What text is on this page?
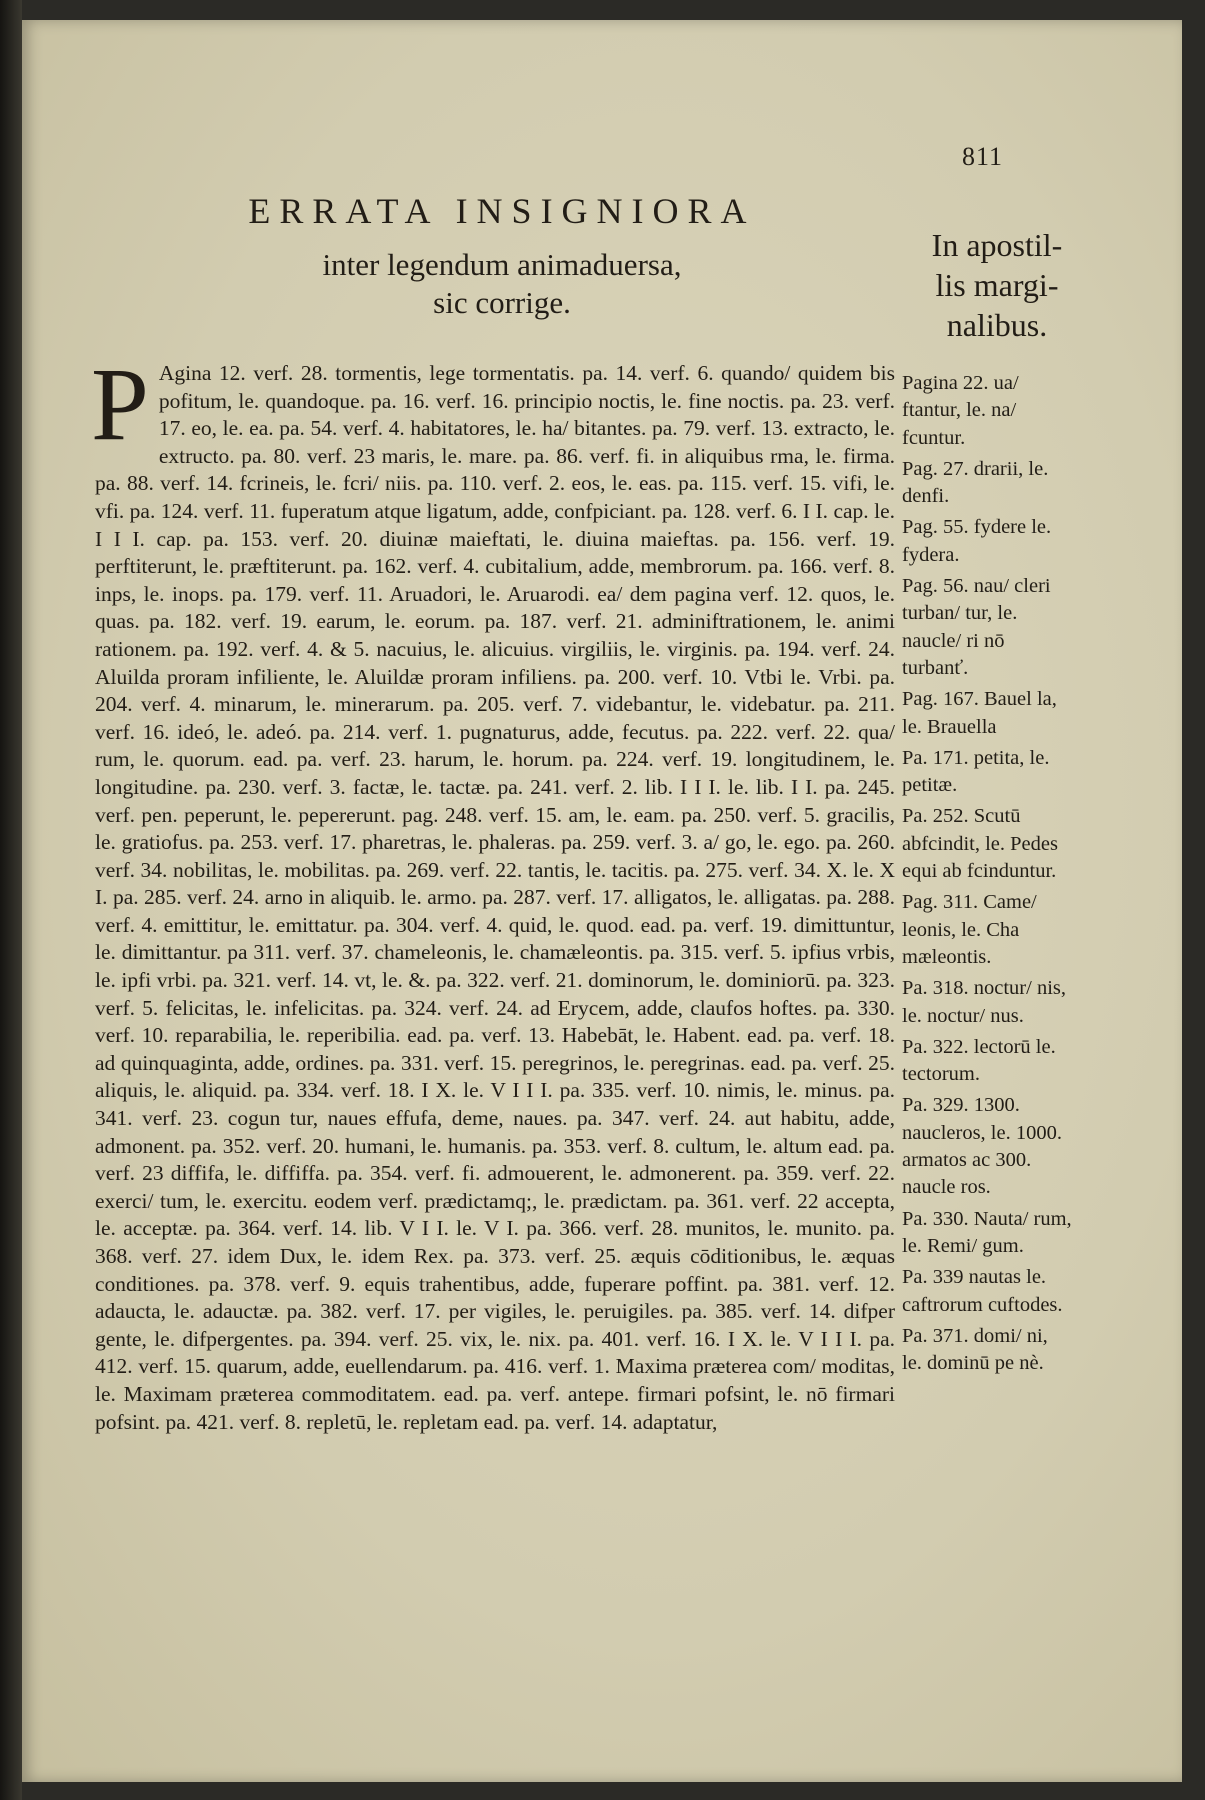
811
ERRATA INSIGNIORA
inter legendum animaduersa,
sic corrige.
In apostil-
lis margi-
nalibus.
P Agina 12. verf. 28. tormentis, lege tormentatis. pa. 14. verf. 6. quando/ quidem bis pofitum, le. quandoque. pa. 16. verf. 16. principio noctis, le. fine noctis. pa. 23. verf. 17. eo, le. ea. pa. 54. verf. 4. habitatores, le. ha/ bitantes. pa. 79. verf. 13. extracto, le. extructo. pa. 80. verf. 23 maris, le. mare. pa. 86. verf. fi. in aliquibus rma, le. firma. pa. 88. verf. 14. fcrineis, le. fcri/ niis. pa. 110. verf. 2. eos, le. eas. pa. 115. verf. 15. vifi, le. vfi. pa. 124. verf. 11. fuperatum atque ligatum, adde, confpiciant. pa. 128. verf. 6. I I. cap. le. I I I. cap. pa. 153. verf. 20. diuinæ maieftati, le. diuina maieftas. pa. 156. verf. 19. perftiterunt, le. præftiterunt. pa. 162. verf. 4. cubitalium, adde, membrorum. pa. 166. verf. 8. inps, le. inops. pa. 179. verf. 11. Aruadori, le. Aruarodi. ea/ dem pagina verf. 12. quos, le. quas. pa. 182. verf. 19. earum, le. eorum. pa. 187. verf. 21. adminiftrationem, le. animi rationem. pa. 192. verf. 4. & 5. nacuius, le. alicuius. virgiliis, le. virginis. pa. 194. verf. 24. Aluilda proram infiliente, le. Aluildæ proram infiliens. pa. 200. verf. 10. Vtbi le. Vrbi. pa. 204. verf. 4. minarum, le. minerarum. pa. 205. verf. 7. videbantur, le. videbatur. pa. 211. verf. 16. ideó, le. adeó. pa. 214. verf. 1. pugnaturus, adde, fecutus. pa. 222. verf. 22. qua/ rum, le. quorum. ead. pa. verf. 23. harum, le. horum. pa. 224. verf. 19. longitudinem, le. longitudine. pa. 230. verf. 3. factæ, le. tactæ. pa. 241. verf. 2. lib. I I I. le. lib. I I. pa. 245. verf. pen. peperunt, le. pepererunt. pag. 248. verf. 15. am, le. eam. pa. 250. verf. 5. gracilis, le. gratiofus. pa. 253. verf. 17. pharetras, le. phaleras. pa. 259. verf. 3. a/ go, le. ego. pa. 260. verf. 34. nobilitas, le. mobilitas. pa. 269. verf. 22. tantis, le. tacitis. pa. 275. verf. 34. X. le. X I. pa. 285. verf. 24. arno in aliquib. le. armo. pa. 287. verf. 17. alligatos, le. alligatas. pa. 288. verf. 4. emittitur, le. emittatur. pa. 304. verf. 4. quid, le. quod. ead. pa. verf. 19. dimittuntur, le. dimittantur. pa 311. verf. 37. chameleonis, le. chamæleontis. pa. 315. verf. 5. ipfius vrbis, le. ipfi vrbi. pa. 321. verf. 14. vt, le. &. pa. 322. verf. 21. dominorum, le. dominiorū. pa. 323. verf. 5. felicitas, le. infelicitas. pa. 324. verf. 24. ad Erycem, adde, claufos hoftes. pa. 330. verf. 10. reparabilia, le. reperibilia. ead. pa. verf. 13. Habebāt, le. Habent. ead. pa. verf. 18. ad quinquaginta, adde, ordines. pa. 331. verf. 15. peregrinos, le. peregrinas. ead. pa. verf. 25. aliquis, le. aliquid. pa. 334. verf. 18. I X. le. V I I I. pa. 335. verf. 10. nimis, le. minus. pa. 341. verf. 23. cogun tur, naues effufa, deme, naues. pa. 347. verf. 24. aut habitu, adde, admonent. pa. 352. verf. 20. humani, le. humanis. pa. 353. verf. 8. cultum, le. altum ead. pa. verf. 23 diffifa, le. diffiffa. pa. 354. verf. fi. admouerent, le. admonerent. pa. 359. verf. 22. exerci/ tum, le. exercitu. eodem verf. prædictamq;, le. prædictam. pa. 361. verf. 22 accepta, le. acceptæ. pa. 364. verf. 14. lib. V I I. le. V I. pa. 366. verf. 28. munitos, le. munito. pa. 368. verf. 27. idem Dux, le. idem Rex. pa. 373. verf. 25. æquis cōditionibus, le. æquas conditiones. pa. 378. verf. 9. equis trahentibus, adde, fuperare poffint. pa. 381. verf. 12. adaucta, le. adauctæ. pa. 382. verf. 17. per vigiles, le. peruigiles. pa. 385. verf. 14. difper gente, le. difpergentes. pa. 394. verf. 25. vix, le. nix. pa. 401. verf. 16. I X. le. V I I I. pa. 412. verf. 15. quarum, adde, euellendarum. pa. 416. verf. 1. Maxima præterea com/ moditas, le. Maximam præterea commoditatem. ead. pa. verf. antepe. firmari pofsint, le. nō firmari pofsint. pa. 421. verf. 8. repletū, le. repletam ead. pa. verf. 14. adaptatur,
Pagina 22. ua/ ftantur, le. na/ fcuntur.
Pag. 27. drarii, le. denfi.
Pag. 55. fydere le. fydera.
Pag. 56. nau/ cleri turban/ tur, le. naucle/ ri nō turbanť.
Pag. 167. Bauel la, le. Brauella
Pa. 171. petita, le. petitæ.
Pa. 252. Scutū abfcindit, le. Pedes equi ab fcinduntur.
Pag. 311. Came/ leonis, le. Cha mæleontis.
Pa. 318. noctur/ nis, le. noctur/ nus.
Pa. 322. lectorū le. tectorum.
Pa. 329. 1300. naucleros, le. 1000. armatos ac 300. naucle ros.
Pa. 330. Nauta/ rum, le. Remi/ gum.
Pa. 339 nautas le. caftrorum cuftodes.
Pa. 371. domi/ ni, le. dominū pe nè.
